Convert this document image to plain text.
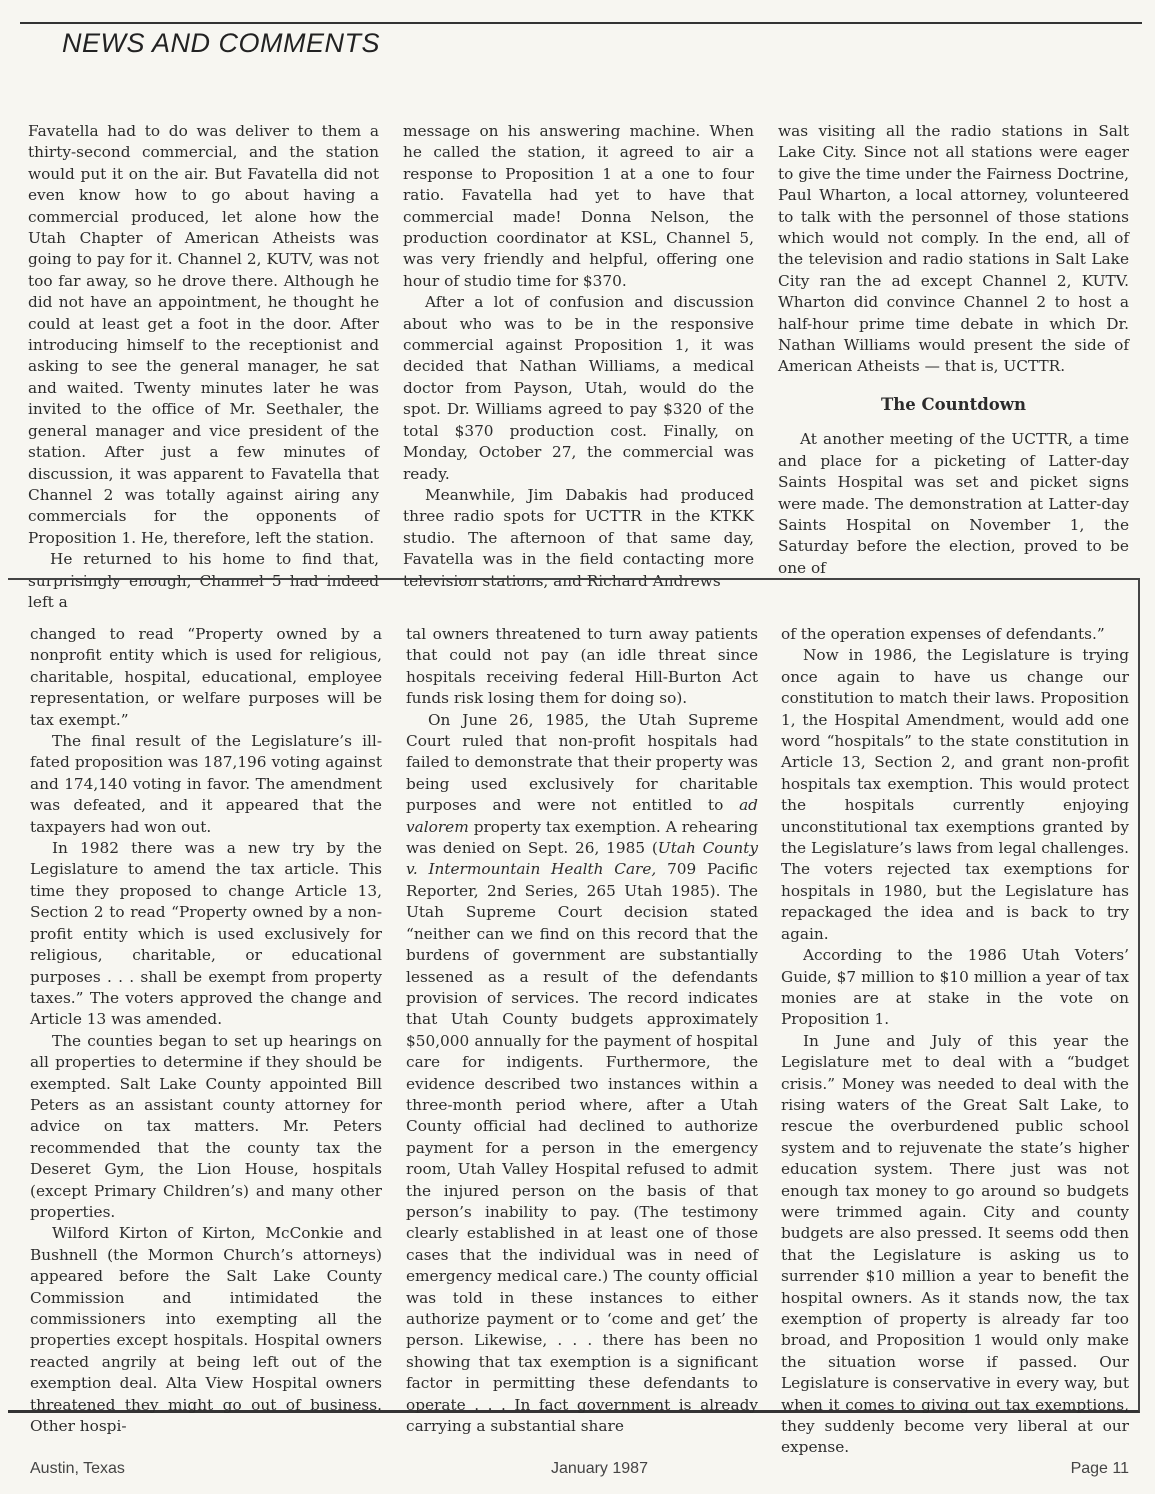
NEWS AND COMMENTS

Favatella had to do was deliver to them a thirty-second commercial, and the station would put it on the air. But Favatella did not even know how to go about having a commercial produced, let alone how the Utah Chapter of American Atheists was going to pay for it. Channel 2, KUTV, was not too far away, so he drove there. Although he did not have an appointment, he thought he could at least get a foot in the door. After introducing himself to the receptionist and asking to see the general manager, he sat and waited. Twenty minutes later he was invited to the office of Mr. Seethaler, the general manager and vice president of the station. After just a few minutes of discussion, it was apparent to Favatella that Channel 2 was totally against airing any commercials for the opponents of Proposition 1. He, therefore, left the station.

He returned to his home to find that, surprisingly enough, Channel 5 had indeed left a

message on his answering machine. When he called the station, it agreed to air a response to Proposition 1 at a one to four ratio. Favatella had yet to have that commercial made! Donna Nelson, the production coordinator at KSL, Channel 5, was very friendly and helpful, offering one hour of studio time for $370.

After a lot of confusion and discussion about who was to be in the responsive commercial against Proposition 1, it was decided that Nathan Williams, a medical doctor from Payson, Utah, would do the spot. Dr. Williams agreed to pay $320 of the total $370 production cost. Finally, on Monday, October 27, the commercial was ready.

Meanwhile, Jim Dabakis had produced three radio spots for UCTTR in the KTKK studio. The afternoon of that same day, Favatella was in the field contacting more television stations, and Richard Andrews

was visiting all the radio stations in Salt Lake City. Since not all stations were eager to give the time under the Fairness Doctrine, Paul Wharton, a local attorney, volunteered to talk with the personnel of those stations which would not comply. In the end, all of the television and radio stations in Salt Lake City ran the ad except Channel 2, KUTV. Wharton did convince Channel 2 to host a half-hour prime time debate in which Dr. Nathan Williams would present the side of American Atheists — that is, UCTTR.

The Countdown

At another meeting of the UCTTR, a time and place for a picketing of Latter-day Saints Hospital was set and picket signs were made. The demonstration at Latter-day Saints Hospital on November 1, the Saturday before the election, proved to be one of

changed to read “Property owned by a nonprofit entity which is used for religious, charitable, hospital, educational, employee representation, or welfare purposes will be tax exempt.”

The final result of the Legislature’s ill-fated proposition was 187,196 voting against and 174,140 voting in favor. The amendment was defeated, and it appeared that the taxpayers had won out.

In 1982 there was a new try by the Legislature to amend the tax article. This time they proposed to change Article 13, Section 2 to read “Property owned by a non-profit entity which is used exclusively for religious, charitable, or educational purposes . . . shall be exempt from property taxes.” The voters approved the change and Article 13 was amended.

The counties began to set up hearings on all properties to determine if they should be exempted. Salt Lake County appointed Bill Peters as an assistant county attorney for advice on tax matters. Mr. Peters recommended that the county tax the Deseret Gym, the Lion House, hospitals (except Primary Children’s) and many other properties.

Wilford Kirton of Kirton, McConkie and Bushnell (the Mormon Church’s attorneys) appeared before the Salt Lake County Commission and intimidated the commissioners into exempting all the properties except hospitals. Hospital owners reacted angrily at being left out of the exemption deal. Alta View Hospital owners threatened they might go out of business. Other hospi-

tal owners threatened to turn away patients that could not pay (an idle threat since hospitals receiving federal Hill-Burton Act funds risk losing them for doing so).

On June 26, 1985, the Utah Supreme Court ruled that non-profit hospitals had failed to demonstrate that their property was being used exclusively for charitable purposes and were not entitled to ad valorem property tax exemption. A rehearing was denied on Sept. 26, 1985 (Utah County v. Intermountain Health Care, 709 Pacific Reporter, 2nd Series, 265 Utah 1985). The Utah Supreme Court decision stated “neither can we find on this record that the burdens of government are substantially lessened as a result of the defendants provision of services. The record indicates that Utah County budgets approximately $50,000 annually for the payment of hospital care for indigents. Furthermore, the evidence described two instances within a three-month period where, after a Utah County official had declined to authorize payment for a person in the emergency room, Utah Valley Hospital refused to admit the injured person on the basis of that person’s inability to pay. (The testimony clearly established in at least one of those cases that the individual was in need of emergency medical care.) The county official was told in these instances to either authorize payment or to ‘come and get’ the person. Likewise, . . . there has been no showing that tax exemption is a significant factor in permitting these defendants to operate . . . In fact government is already carrying a substantial share

of the operation expenses of defendants.”

Now in 1986, the Legislature is trying once again to have us change our constitution to match their laws. Proposition 1, the Hospital Amendment, would add one word “hospitals” to the state constitution in Article 13, Section 2, and grant non-profit hospitals tax exemption. This would protect the hospitals currently enjoying unconstitutional tax exemptions granted by the Legislature’s laws from legal challenges. The voters rejected tax exemptions for hospitals in 1980, but the Legislature has repackaged the idea and is back to try again.

According to the 1986 Utah Voters’ Guide, $7 million to $10 million a year of tax monies are at stake in the vote on Proposition 1.

In June and July of this year the Legislature met to deal with a “budget crisis.” Money was needed to deal with the rising waters of the Great Salt Lake, to rescue the overburdened public school system and to rejuvenate the state’s higher education system. There just was not enough tax money to go around so budgets were trimmed again. City and county budgets are also pressed. It seems odd then that the Legislature is asking us to surrender $10 million a year to benefit the hospital owners. As it stands now, the tax exemption of property is already far too broad, and Proposition 1 would only make the situation worse if passed. Our Legislature is conservative in every way, but when it comes to giving out tax exemptions, they suddenly become very liberal at our expense.

Austin, Texas	January 1987	Page 11
